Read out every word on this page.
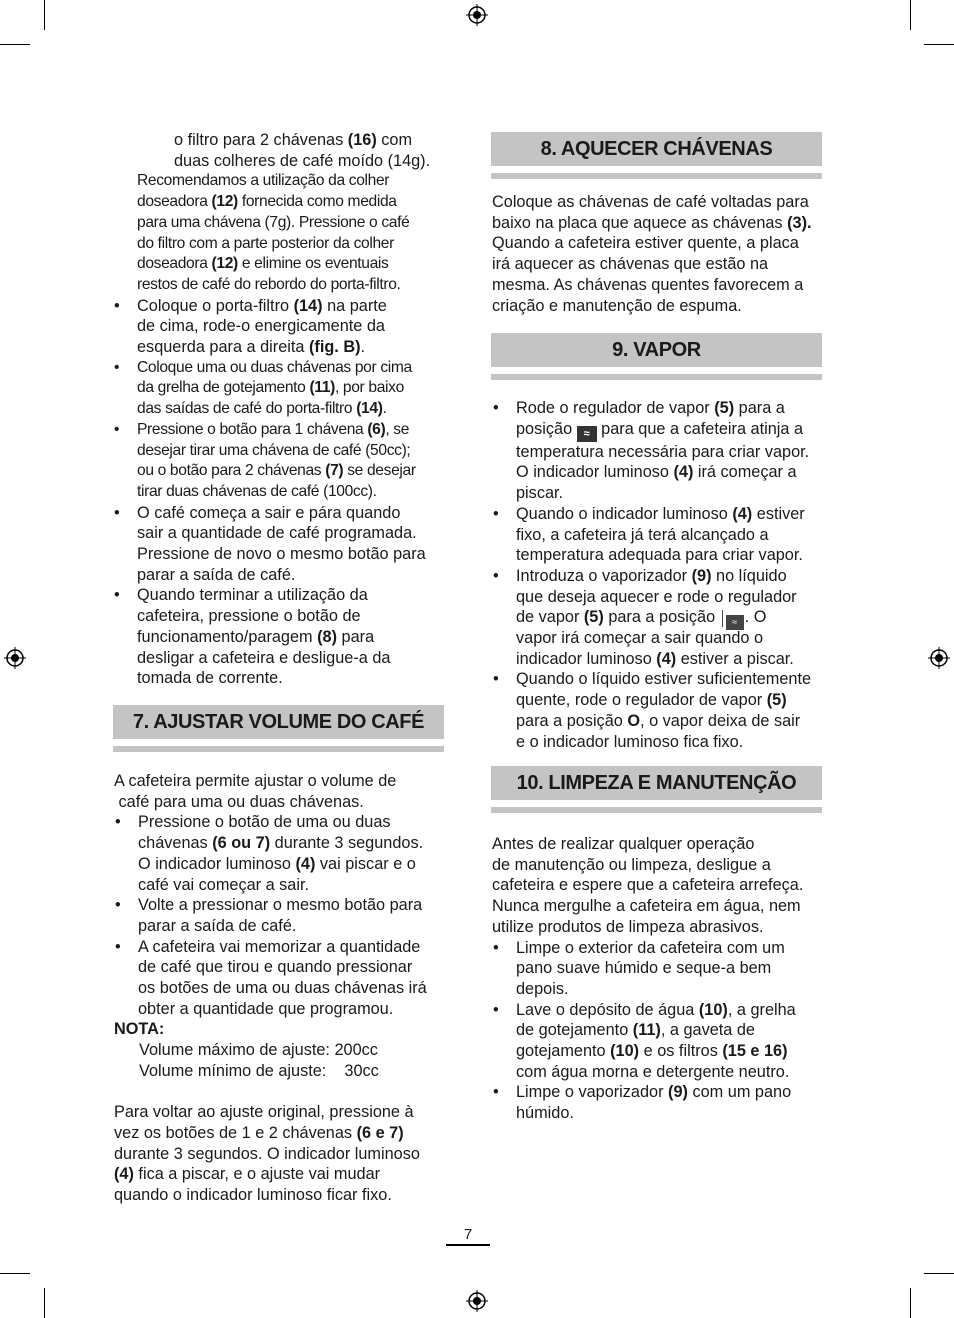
o filtro para 2 chávenas (16) com
duas colheres de café moído (14g).
Recomendamos a utilização da colher
doseadora (12) fornecida como medida
para uma chávena (7g). Pressione o café
do filtro com a parte posterior da colher
doseadora (12) e elimine os eventuais
restos de café do rebordo do porta-filtro.
• Coloque o porta-filtro (14) na parte
de cima, rode-o energicamente da
esquerda para a direita (fig. B).
• Coloque uma ou duas chávenas por cima
da grelha de gotejamento (11), por baixo
das saídas de café do porta-filtro (14).
• Pressione o botão para 1 chávena (6), se
desejar tirar uma chávena de café (50cc);
ou o botão para 2 chávenas (7) se desejar
tirar duas chávenas de café (100cc).
• O café começa a sair e pára quando
sair a quantidade de café programada.
Pressione de novo o mesmo botão para
parar a saída de café.
• Quando terminar a utilização da
cafeteira, pressione o botão de
funcionamento/paragem (8) para
desligar a cafeteira e desligue-a da
tomada de corrente.
7. AJUSTAR VOLUME DO CAFÉ
A cafeteira permite ajustar o volume de
café para uma ou duas chávenas.
• Pressione o botão de uma ou duas
chávenas (6 ou 7) durante 3 segundos.
O indicador luminoso (4) vai piscar e o
café vai começar a sair.
• Volte a pressionar o mesmo botão para
parar a saída de café.
• A cafeteira vai memorizar a quantidade
de café que tirou e quando pressionar
os botões de uma ou duas chávenas irá
obter a quantidade que programou.

NOTA:

Volume máximo de ajuste: 200cc

Volume mínimo de ajuste:    30cc

Para voltar ao ajuste original, pressione à
vez os botões de 1 e 2 chávenas (6 e 7)
durante 3 segundos. O indicador luminoso
(4) fica a piscar, e o ajuste vai mudar
quando o indicador luminoso ficar fixo.
8. AQUECER CHÁVENAS
Coloque as chávenas de café voltadas para
baixo na placa que aquece as chávenas (3).
Quando a cafeteira estiver quente, a placa
irá aquecer as chávenas que estão na
mesma. As chávenas quentes favorecem a
criação e manutenção de espuma.
9. VAPOR
• Rode o regulador de vapor (5) para a
posição ≈ para que a cafeteira atinja a
temperatura necessária para criar vapor.
O indicador luminoso (4) irá começar a
piscar.
• Quando o indicador luminoso (4) estiver
fixo, a cafeteira já terá alcançado a
temperatura adequada para criar vapor.
• Introduza o vaporizador (9) no líquido
que deseja aquecer e rode o regulador
de vapor (5) para a posição ≈ . O
vapor irá começar a sair quando o
indicador luminoso (4) estiver a piscar.
• Quando o líquido estiver suficientemente
quente, rode o regulador de vapor (5)
para a posição O, o vapor deixa de sair
e o indicador luminoso fica fixo.
10. LIMPEZA E MANUTENÇÃO
Antes de realizar qualquer operação
de manutenção ou limpeza, desligue a
cafeteira e espere que a cafeteira arrefeça.
Nunca mergulhe a cafeteira em água, nem
utilize produtos de limpeza abrasivos.
• Limpe o exterior da cafeteira com um
pano suave húmido e seque-a bem
depois.
• Lave o depósito de água (10), a grelha
de gotejamento (11), a gaveta de
gotejamento (10) e os filtros (15 e 16)
com água morna e detergente neutro.
• Limpe o vaporizador (9) com um pano
húmido.
7
